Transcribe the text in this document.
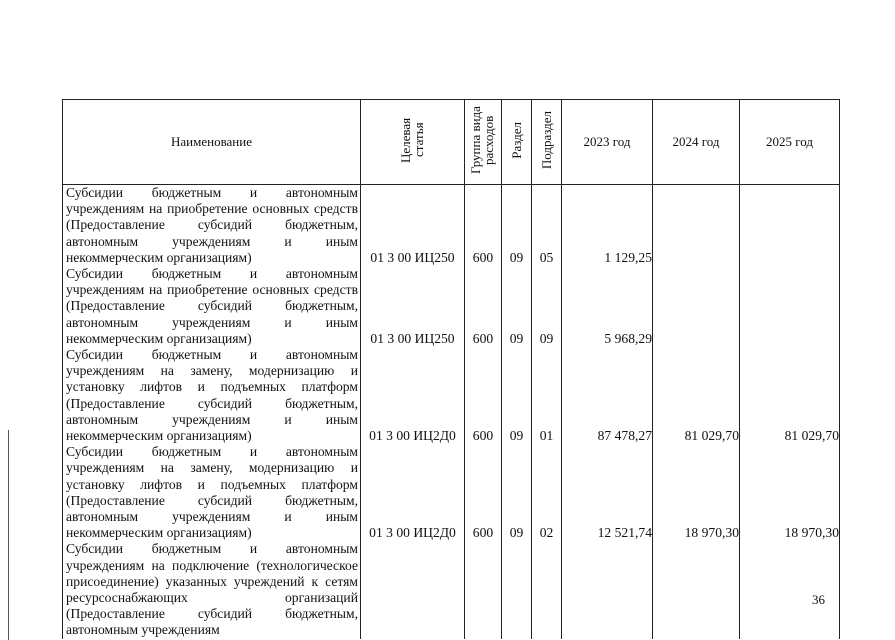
Наименование	Целевая статья	Группа вида расходов	Раздел	Подраздел	2023 год	2024 год	2025 год
Субсидии бюджетным и автономным учреждениям на приобретение основных средств (Предоставление субсидий бюджетным, автономным учреждениям и иным некоммерческим организациям)	01 3 00 ИЦ250	600	09	05	1 129,25		
Субсидии бюджетным и автономным учреждениям на приобретение основных средств (Предоставление субсидий бюджетным, автономным учреждениям и иным некоммерческим организациям)	01 3 00 ИЦ250	600	09	09	5 968,29		
Субсидии бюджетным и автономным учреждениям на замену, модернизацию и установку лифтов и подъемных платформ (Предоставление субсидий бюджетным, автономным учреждениям и иным некоммерческим организациям)	01 3 00 ИЦ2Д0	600	09	01	87 478,27	81 029,70	81 029,70
Субсидии бюджетным и автономным учреждениям на замену, модернизацию и установку лифтов и подъемных платформ (Предоставление субсидий бюджетным, автономным учреждениям и иным некоммерческим организациям)	01 3 00 ИЦ2Д0	600	09	02	12 521,74	18 970,30	18 970,30
Субсидии бюджетным и автономным учреждениям на подключение (технологическое присоединение) указанных учреждений к сетям ресурсоснабжающих организаций (Предоставление субсидий бюджетным, автономным учреждениям							
36
